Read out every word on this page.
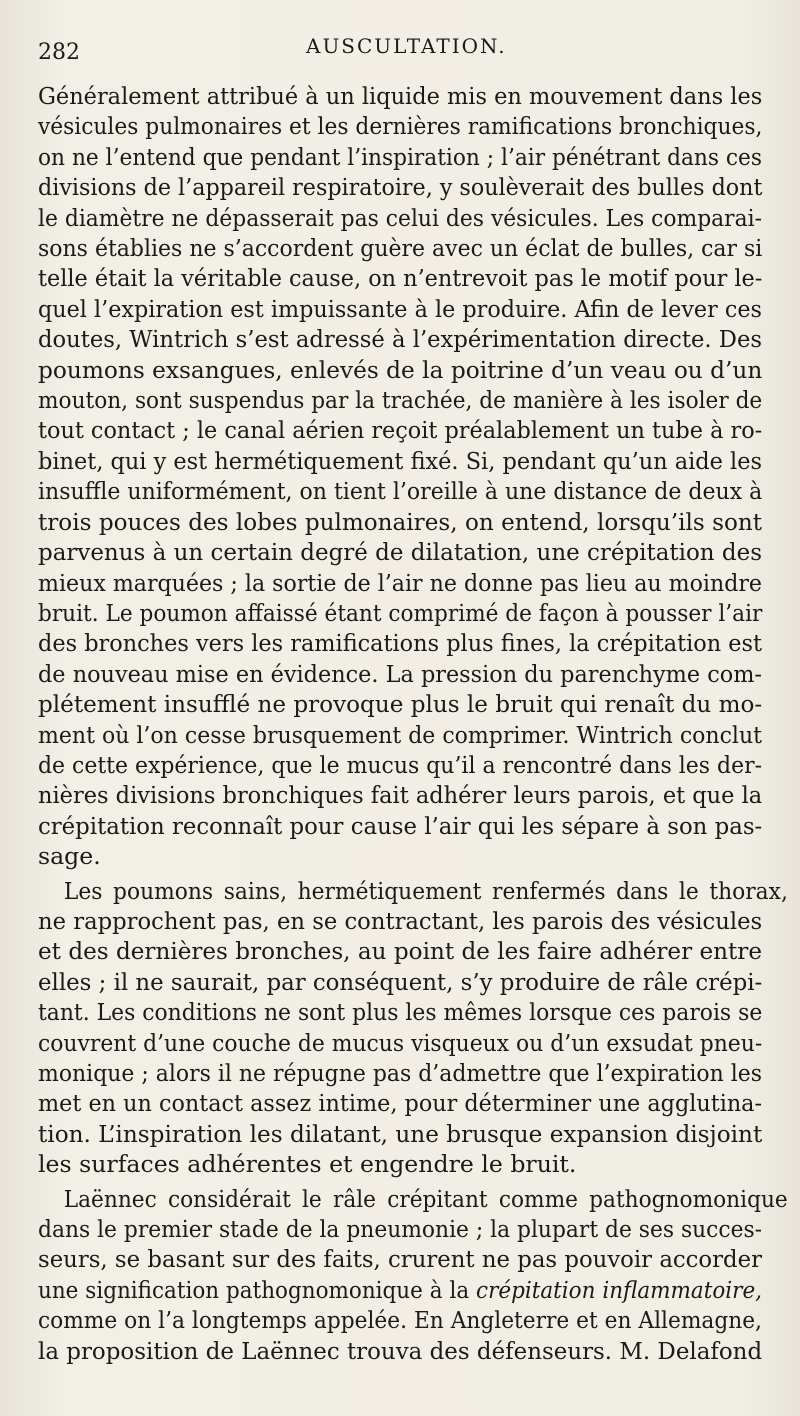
282	AUSCULTATION.
Généralement attribué à un liquide mis en mouvement dans les
vésicules pulmonaires et les dernières ramifications bronchiques,
on ne l’entend que pendant l’inspiration ; l’air pénétrant dans ces
divisions de l’appareil respiratoire, y soulèverait des bulles dont
le diamètre ne dépasserait pas celui des vésicules. Les comparai-
sons établies ne s’accordent guère avec un éclat de bulles, car si
telle était la véritable cause, on n’entrevoit pas le motif pour le-
quel l’expiration est impuissante à le produire. Afin de lever ces
doutes, Wintrich s’est adressé à l’expérimentation directe. Des
poumons exsangues, enlevés de la poitrine d’un veau ou d’un
mouton, sont suspendus par la trachée, de manière à les isoler de
tout contact ; le canal aérien reçoit préalablement un tube à ro-
binet, qui y est hermétiquement fixé. Si, pendant qu’un aide les
insuffle uniformément, on tient l’oreille à une distance de deux à
trois pouces des lobes pulmonaires, on entend, lorsqu’ils sont
parvenus à un certain degré de dilatation, une crépitation des
mieux marquées ; la sortie de l’air ne donne pas lieu au moindre
bruit. Le poumon affaissé étant comprimé de façon à pousser l’air
des bronches vers les ramifications plus fines, la crépitation est
de nouveau mise en évidence. La pression du parenchyme com-
plétement insufflé ne provoque plus le bruit qui renaît du mo-
ment où l’on cesse brusquement de comprimer. Wintrich conclut
de cette expérience, que le mucus qu’il a rencontré dans les der-
nières divisions bronchiques fait adhérer leurs parois, et que la
crépitation reconnaît pour cause l’air qui les sépare à son pas-
sage.
Les poumons sains, hermétiquement renfermés dans le thorax,
ne rapprochent pas, en se contractant, les parois des vésicules
et des dernières bronches, au point de les faire adhérer entre
elles ; il ne saurait, par conséquent, s’y produire de râle crépi-
tant. Les conditions ne sont plus les mêmes lorsque ces parois se
couvrent d’une couche de mucus visqueux ou d’un exsudat pneu-
monique ; alors il ne répugne pas d’admettre que l’expiration les
met en un contact assez intime, pour déterminer une agglutina-
tion. L’inspiration les dilatant, une brusque expansion disjoint
les surfaces adhérentes et engendre le bruit.
Laënnec considérait le râle crépitant comme pathognomonique
dans le premier stade de la pneumonie ; la plupart de ses succes-
seurs, se basant sur des faits, crurent ne pas pouvoir accorder
une signification pathognomonique à la crépitation inflammatoire,
comme on l’a longtemps appelée. En Angleterre et en Allemagne,
la proposition de Laënnec trouva des défenseurs. M. Delafond
